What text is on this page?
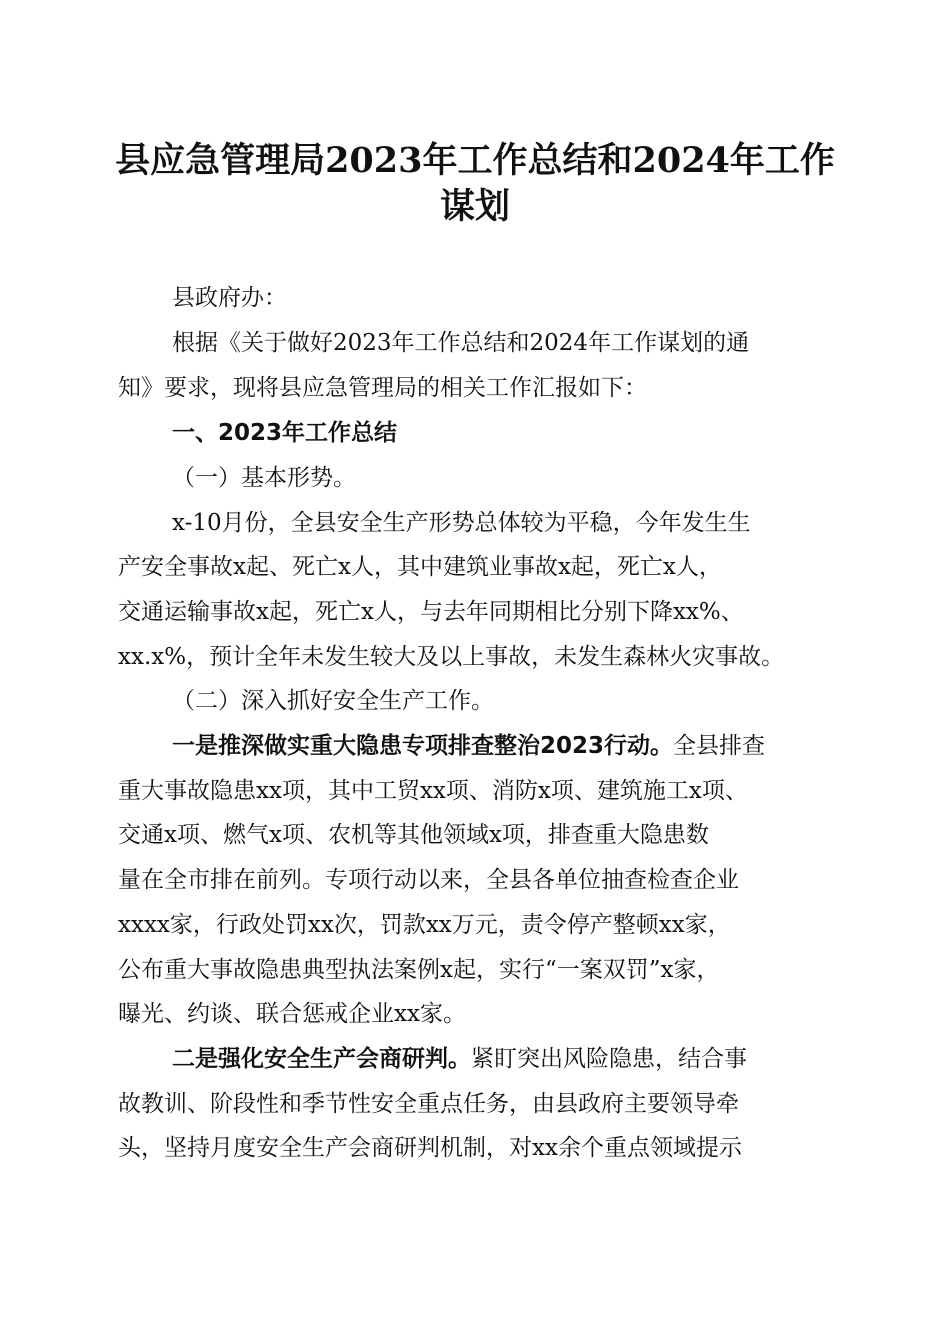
县应急管理局2023年工作总结和2024年工作
谋划

县政府办：

根据《关于做好2023年工作总结和2024年工作谋划的通

知》要求，现将县应急管理局的相关工作汇报如下：

一、2023年工作总结

（一）基本形势。

x-10月份，全县安全生产形势总体较为平稳，今年发生生

产安全事故x起、死亡x人，其中建筑业事故x起，死亡x人，

交通运输事故x起，死亡x人，与去年同期相比分别下降xx%、

xx.x%，预计全年未发生较大及以上事故，未发生森林火灾事故。

（二）深入抓好安全生产工作。

一是推深做实重大隐患专项排查整治2023行动。全县排查

重大事故隐患xx项，其中工贸xx项、消防x项、建筑施工x项、

交通x项、燃气x项、农机等其他领域x项，排查重大隐患数

量在全市排在前列。专项行动以来，全县各单位抽查检查企业

xxxx家，行政处罚xx次，罚款xx万元，责令停产整顿xx家，

公布重大事故隐患典型执法案例x起，实行“一案双罚”x家，

曝光、约谈、联合惩戒企业xx家。

二是强化安全生产会商研判。紧盯突出风险隐患，结合事

故教训、阶段性和季节性安全重点任务，由县政府主要领导牵

头，坚持月度安全生产会商研判机制，对xx余个重点领域提示
